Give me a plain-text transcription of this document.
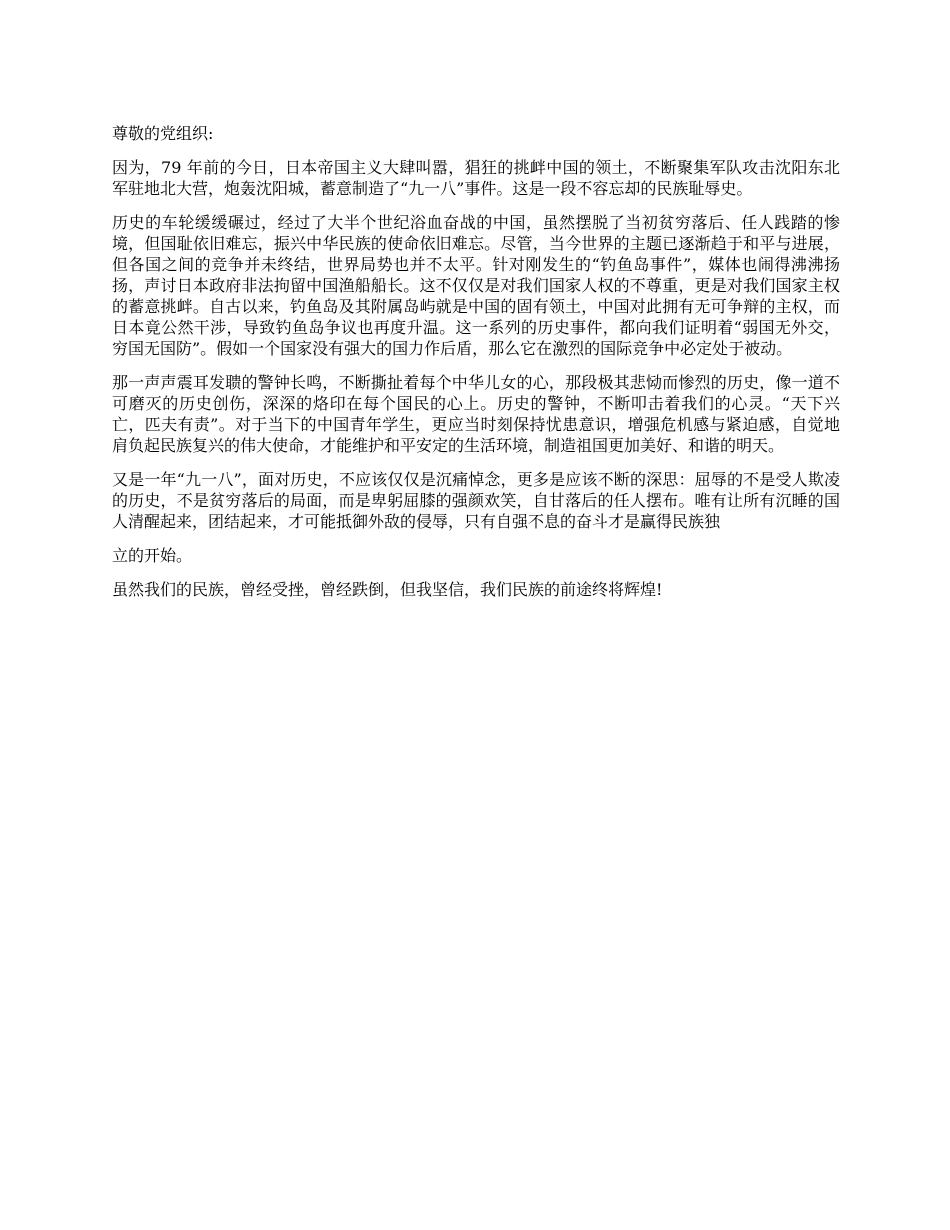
尊敬的党组织:

因为，79 年前的今日，日本帝国主义大肆叫嚣，猖狂的挑衅中国的领土，不断聚集军队攻击沈阳东北军驻地北大营，炮轰沈阳城，蓄意制造了“九一八”事件。这是一段不容忘却的民族耻辱史。

历史的车轮缓缓碾过，经过了大半个世纪浴血奋战的中国，虽然摆脱了当初贫穷落后、任人践踏的惨境，但国耻依旧难忘，振兴中华民族的使命依旧难忘。尽管，当今世界的主题已逐渐趋于和平与进展，但各国之间的竞争并未终结，世界局势也并不太平。针对刚发生的“钓鱼岛事件”，媒体也闹得沸沸扬扬，声讨日本政府非法拘留中国渔船船长。这不仅仅是对我们国家人权的不尊重，更是对我们国家主权的蓄意挑衅。自古以来，钓鱼岛及其附属岛屿就是中国的固有领土，中国对此拥有无可争辩的主权，而日本竟公然干涉，导致钓鱼岛争议也再度升温。这一系列的历史事件，都向我们证明着“弱国无外交，穷国无国防”。假如一个国家没有强大的国力作后盾，那么它在激烈的国际竞争中必定处于被动。

那一声声震耳发聩的警钟长鸣，不断撕扯着每个中华儿女的心，那段极其悲恸而惨烈的历史，像一道不可磨灭的历史创伤，深深的烙印在每个国民的心上。历史的警钟，不断叩击着我们的心灵。“天下兴亡，匹夫有责”。对于当下的中国青年学生，更应当时刻保持忧患意识，增强危机感与紧迫感，自觉地肩负起民族复兴的伟大使命，才能维护和平安定的生活环境，制造祖国更加美好、和谐的明天。

又是一年“九一八”，面对历史，不应该仅仅是沉痛悼念，更多是应该不断的深思：屈辱的不是受人欺凌的历史，不是贫穷落后的局面，而是卑躬屈膝的强颜欢笑，自甘落后的任人摆布。唯有让所有沉睡的国人清醒起来，团结起来，才可能抵御外敌的侵辱，只有自强不息的奋斗才是赢得民族独

立的开始。

虽然我们的民族，曾经受挫，曾经跌倒，但我坚信，我们民族的前途终将辉煌!
